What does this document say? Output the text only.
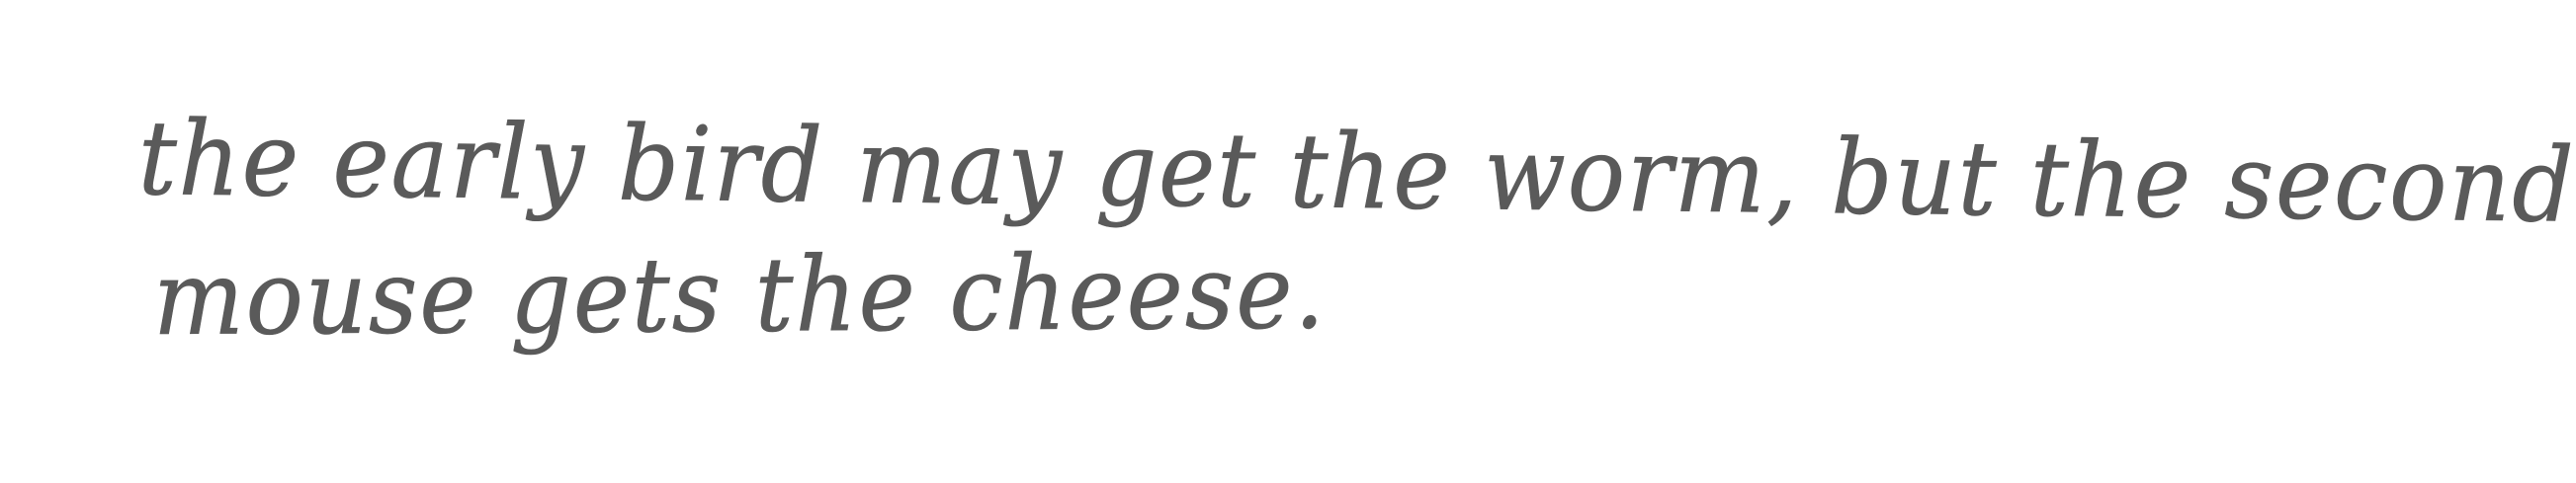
the early bird may get the worm, but the second
mouse gets the cheese.
